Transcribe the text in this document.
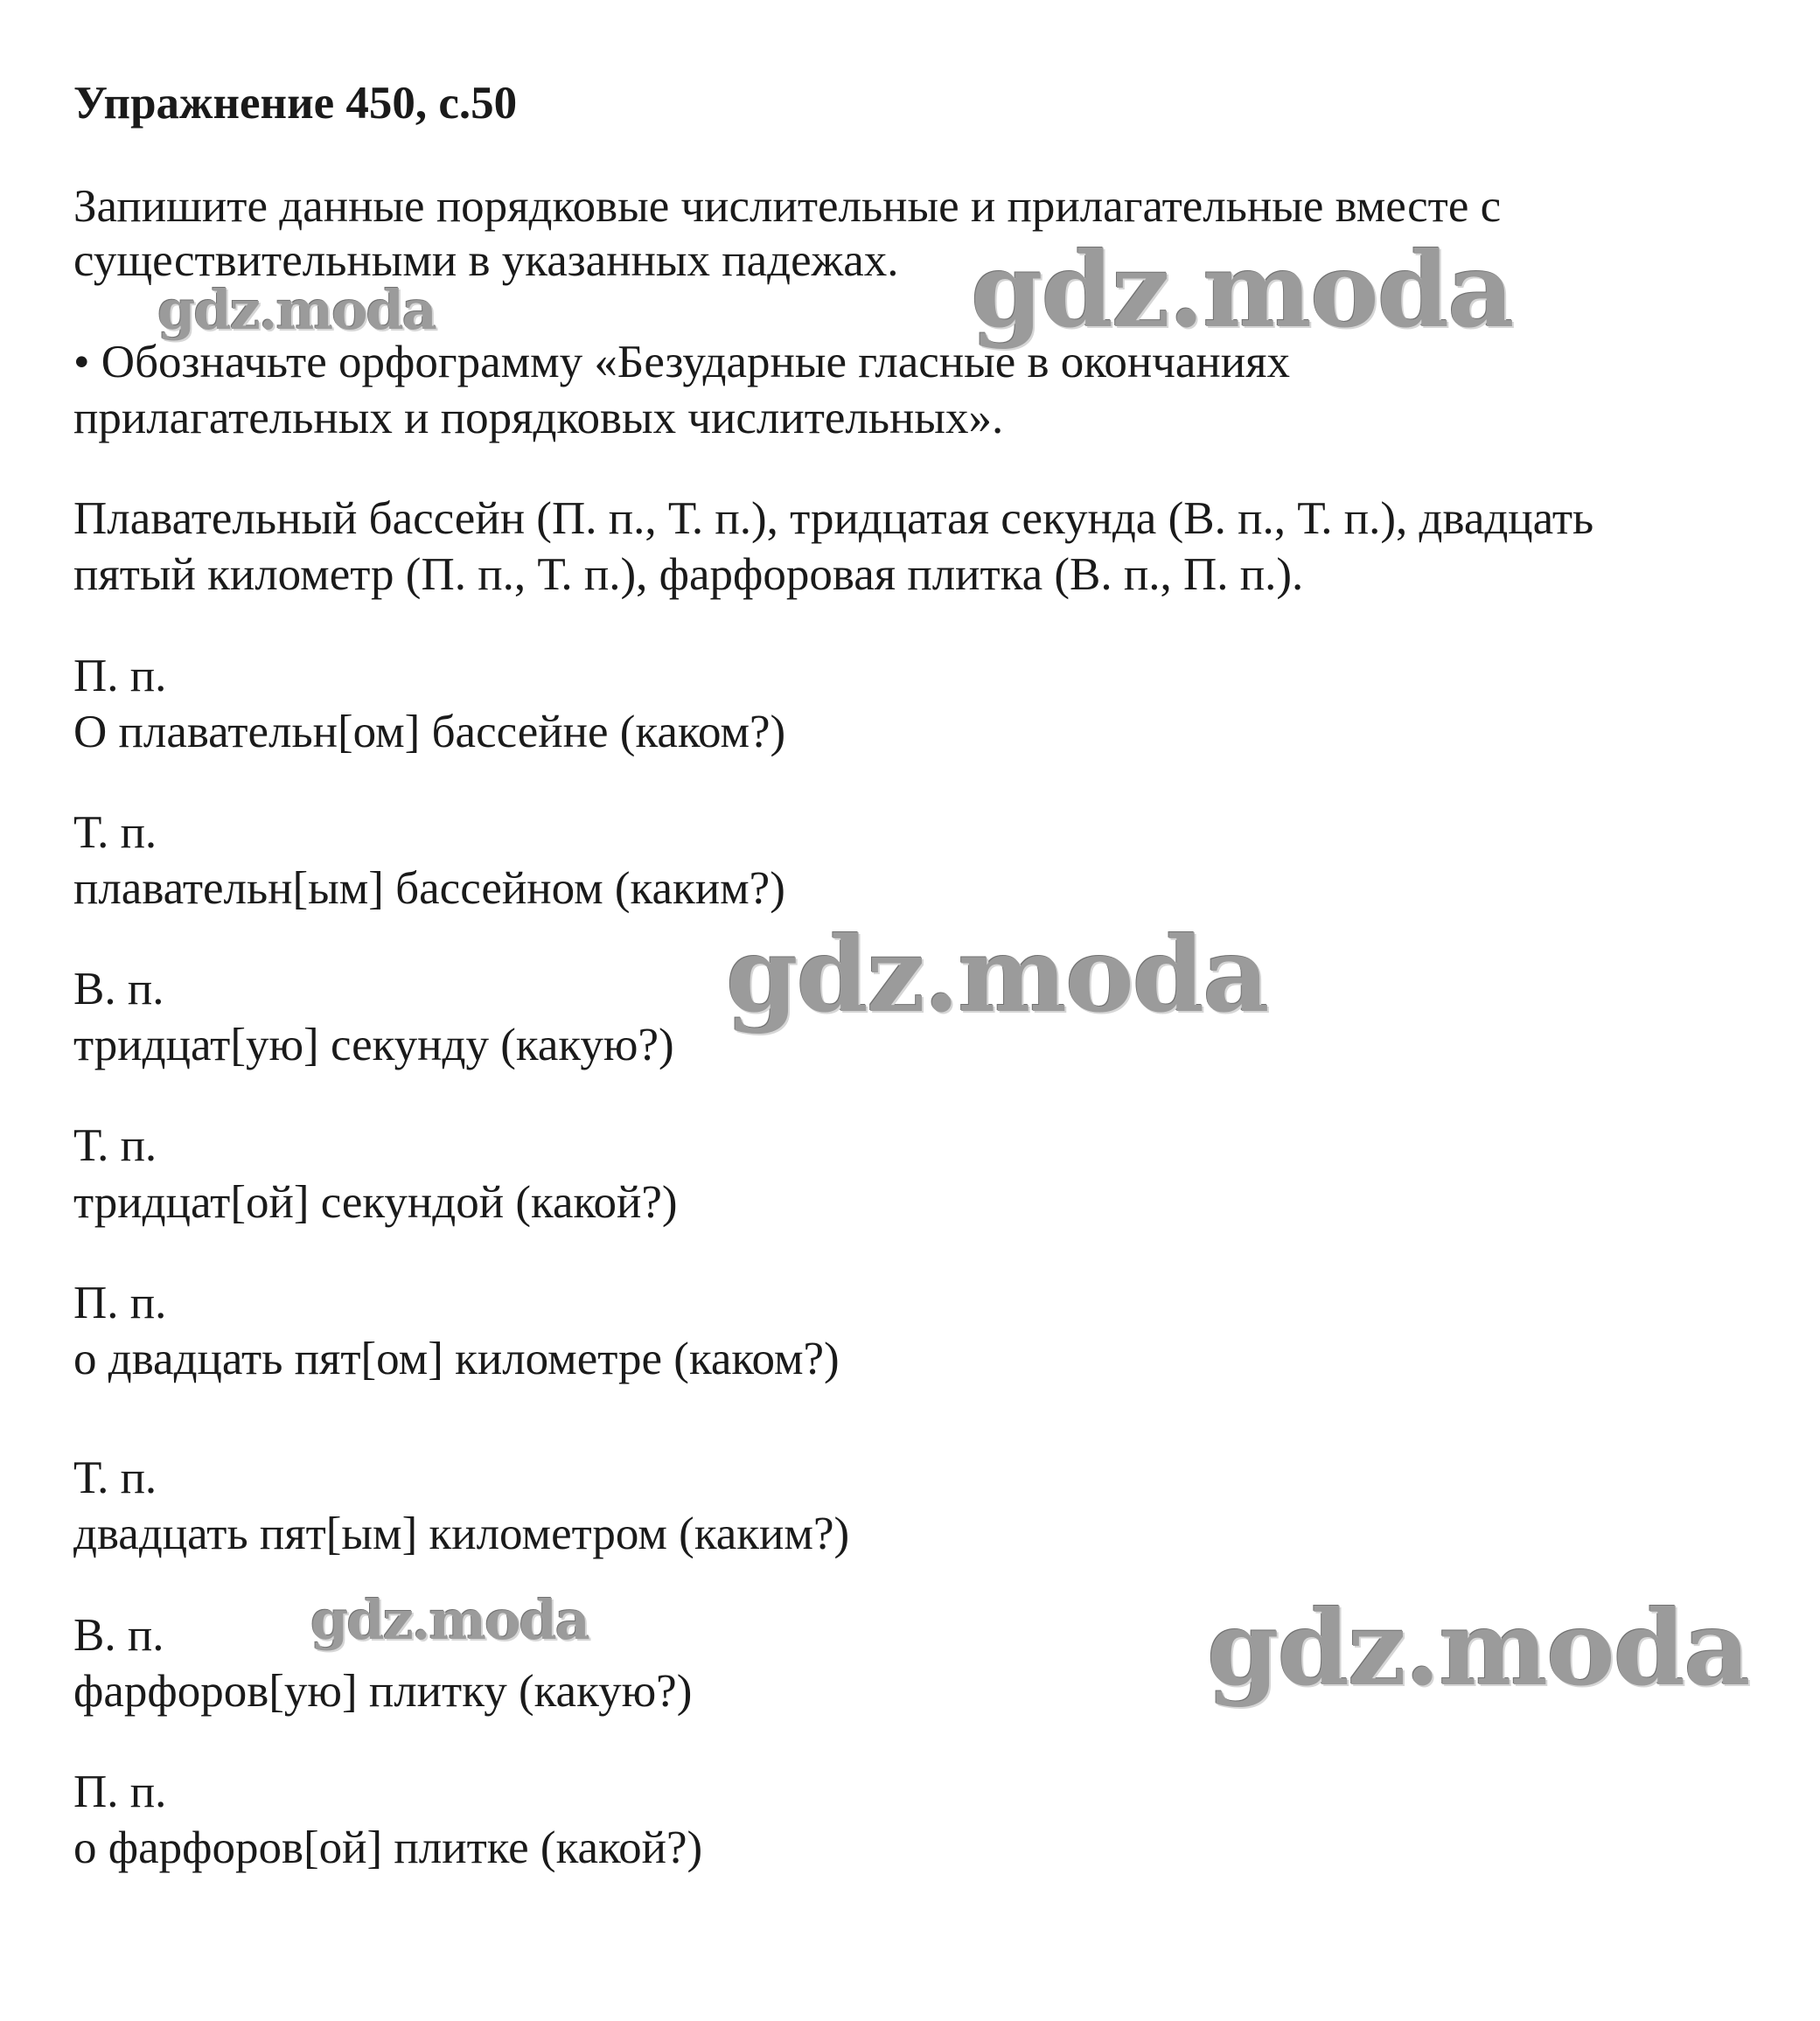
Упражнение 450, с.50

Запишите данные порядковые числительные и прилагательные вместе с

существительными в указанных падежах.

• Обозначьте орфограмму «Безударные гласные в окончаниях

прилагательных и порядковых числительных».

Плавательный бассейн (П. п., Т. п.), тридцатая секунда (В. п., Т. п.), двадцать

пятый километр (П. п., Т. п.), фарфоровая плитка (В. п., П. п.).

П. п.

О плавательн[ом] бассейне (каком?)

Т. п.

плавательн[ым] бассейном (каким?)

В. п.

тридцат[ую] секунду (какую?)

Т. п.

тридцат[ой] секундой (какой?)

П. п.

о двадцать пят[ом] километре (каком?)

Т. п.

двадцать пят[ым] километром (каким?)

В. п.

фарфоров[ую] плитку (какую?)

П. п.

о фарфоров[ой] плитке (какой?)

gdz.moda
gdz.moda
gdz.moda
gdz.moda	gdz.moda
